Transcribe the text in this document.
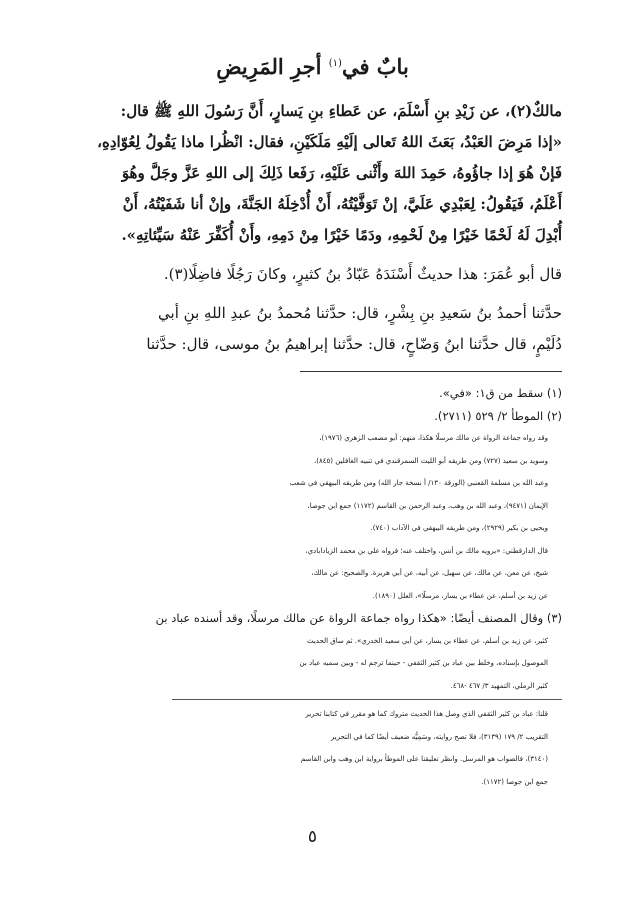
بابٌ في$^{(١)}$ أجرِ المَرِيضِ

مالكٌ(٢)، عن زَيْدِ بنِ أَسْلَمَ، عن عَطاءِ بنِ يَسارٍ، أَنَّ رَسُولَ اللهِ ﷺ قال:

«إذا مَرِضَ العَبْدُ، بَعَثَ اللهُ تَعالى إلَيْهِ مَلَكَيْنِ، فقال: انْظُرا ماذا يَقُولُ لِعُوّادِهِ،

فَإنْ هُوَ إذا جاؤُوهُ، حَمِدَ اللهَ وأَثْنى عَلَيْهِ، رَفَعا ذَلِكَ إلى اللهِ عَزَّ وجَلَّ وهُوَ

أَعْلَمُ، فَيَقُولُ: لِعَبْدِي عَلَيَّ، إنْ تَوَفَّيْتُهُ، أَنْ أُدْخِلَهُ الجَنَّةَ، وإنْ أنا شَفَيْتُهُ، أَنْ

أُبْدِلَ لَهُ لَحْمًا خَيْرًا مِنْ لَحْمِهِ، ودَمًا خَيْرًا مِنْ دَمِهِ، وأَنْ أُكَفِّرَ عَنْهُ سَيِّئاتِهِ».

قال أبو عُمَرَ: هذا حديثٌ أَسْنَدَهُ عَبّادُ بنُ كثيرٍ، وكانَ رَجُلًا فاضِلًا(٣).

حدَّثنا أحمدُ بنُ سَعيدِ بنِ بِشْرٍ، قال: حدَّثنا مُحمدُ بنُ عبدِ اللهِ بنِ أبي

دُلَيْمٍ، قال حدَّثنا ابنُ وَضّاحٍ، قال: حدَّثنا إبراهيمُ بنُ موسى، قال: حدَّثنا

(١) سقط من ق١: «في».

(٢) الموطأ ٢/ ٥٢٩ (٢٧١١).

وقد رواه جماعة الرواة عن مالك مرسلًا هكذا، منهم: أبو مصعب الزهري (١٩٧٦)،

وسويد بن سعيد (٧٢٧) ومن طريقه أبو الليث السمرقندي في تنبيه الغافلين (٨٤٥)،

وعبد الله بن مسلمة القعنبي (الورقة ١٣٠/ أ نسخة جار الله) ومن طريقه البيهقي في شعب

الإيمان (٩٤٧١)، وعبد الله بن وهب، وعبد الرحمن بن القاسم (١١٧٢) جمع ابن جوصا،

ويحيى بن بكير (٢٩٢٩)، ومن طريقه البيهقي في الآداب (٧٤٠).

قال الدارقطني: «يرويه مالك بن أنس، واختلف عنه؛ فرواه علي بن محمد الزيادابادي،

شيخ، عن معن، عن مالك، عن سهيل، عن أبيه، عن أبي هريرة. والصحيح: عن مالك،

عن زيد بن أسلم، عن عطاء بن يسار، مرسلًا»، العلل (١٨٩٠).

(٣) وقال المصنف أيضًا: «هكذا رواه جماعة الرواة عن مالك مرسلًا، وقد أسنده عباد بن

كثير، عن زيد بن أسلم، عن عطاء بن يسار، عن أبي سعيد الخدري». ثم ساق الحديث

الموصول بإسناده، وخلط بين عباد بن كثير الثقفي - حينما ترجم له - وبين سميه عباد بن

كثير الرملي، التمهيد ٣/ ٤٦٧ -٤٦٨.

قلنا: عباد بن كثير الثقفي الذي وصل هذا الحديث متروك كما هو مقرر في كتابنا تحرير

التقريب ٢/ ١٧٩ (٣١٣٩)، فلا تصح روايته، وسَمِيُّه ضعيف أيضًا كما في التحرير

(٣١٤٠)، فالصواب هو المرسل. وانظر تعليقنا على الموطأ برواية ابن وهب وابن القاسم

جمع ابن جوصا (١١٧٢).

٥
